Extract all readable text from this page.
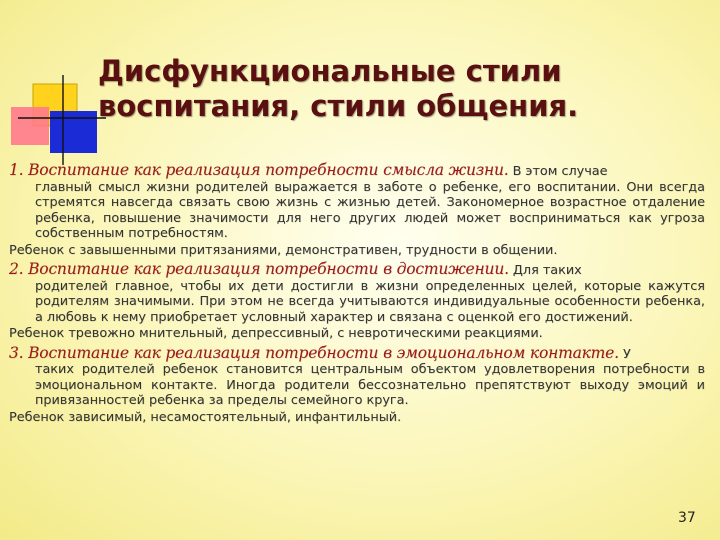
Дисфункциональные стили
воспитания, стили общения.
1. Воспитание как реализация потребности смысла жизни. В этом случае

главный смысл жизни родителей выражается в заботе о ребенке, его воспитании. Они всегда стремятся навсегда связать свою жизнь с жизнью детей. Закономерное возрастное отдаление ребенка, повышение значимости для него других людей может восприниматься как угроза собственным потребностям.

Ребенок с завышенными притязаниями, демонстративен, трудности в общении.

2. Воспитание как реализация потребности в достижении. Для таких

родителей главное, чтобы их дети достигли в жизни определенных целей, которые кажутся родителям значимыми. При этом не всегда учитываются индивидуальные особенности ребенка, а любовь к нему приобретает условный характер и связана с оценкой его достижений.

Ребенок тревожно мнительный, депрессивный, с невротическими реакциями.

3. Воспитание как реализация потребности в эмоциональном контакте. У

таких родителей ребенок становится центральным объектом удовлетворения потребности в эмоциональном контакте. Иногда родители бессознательно препятствуют выходу эмоций и привязанностей ребенка за пределы семейного круга.

Ребенок зависимый, несамостоятельный, инфантильный.

37
